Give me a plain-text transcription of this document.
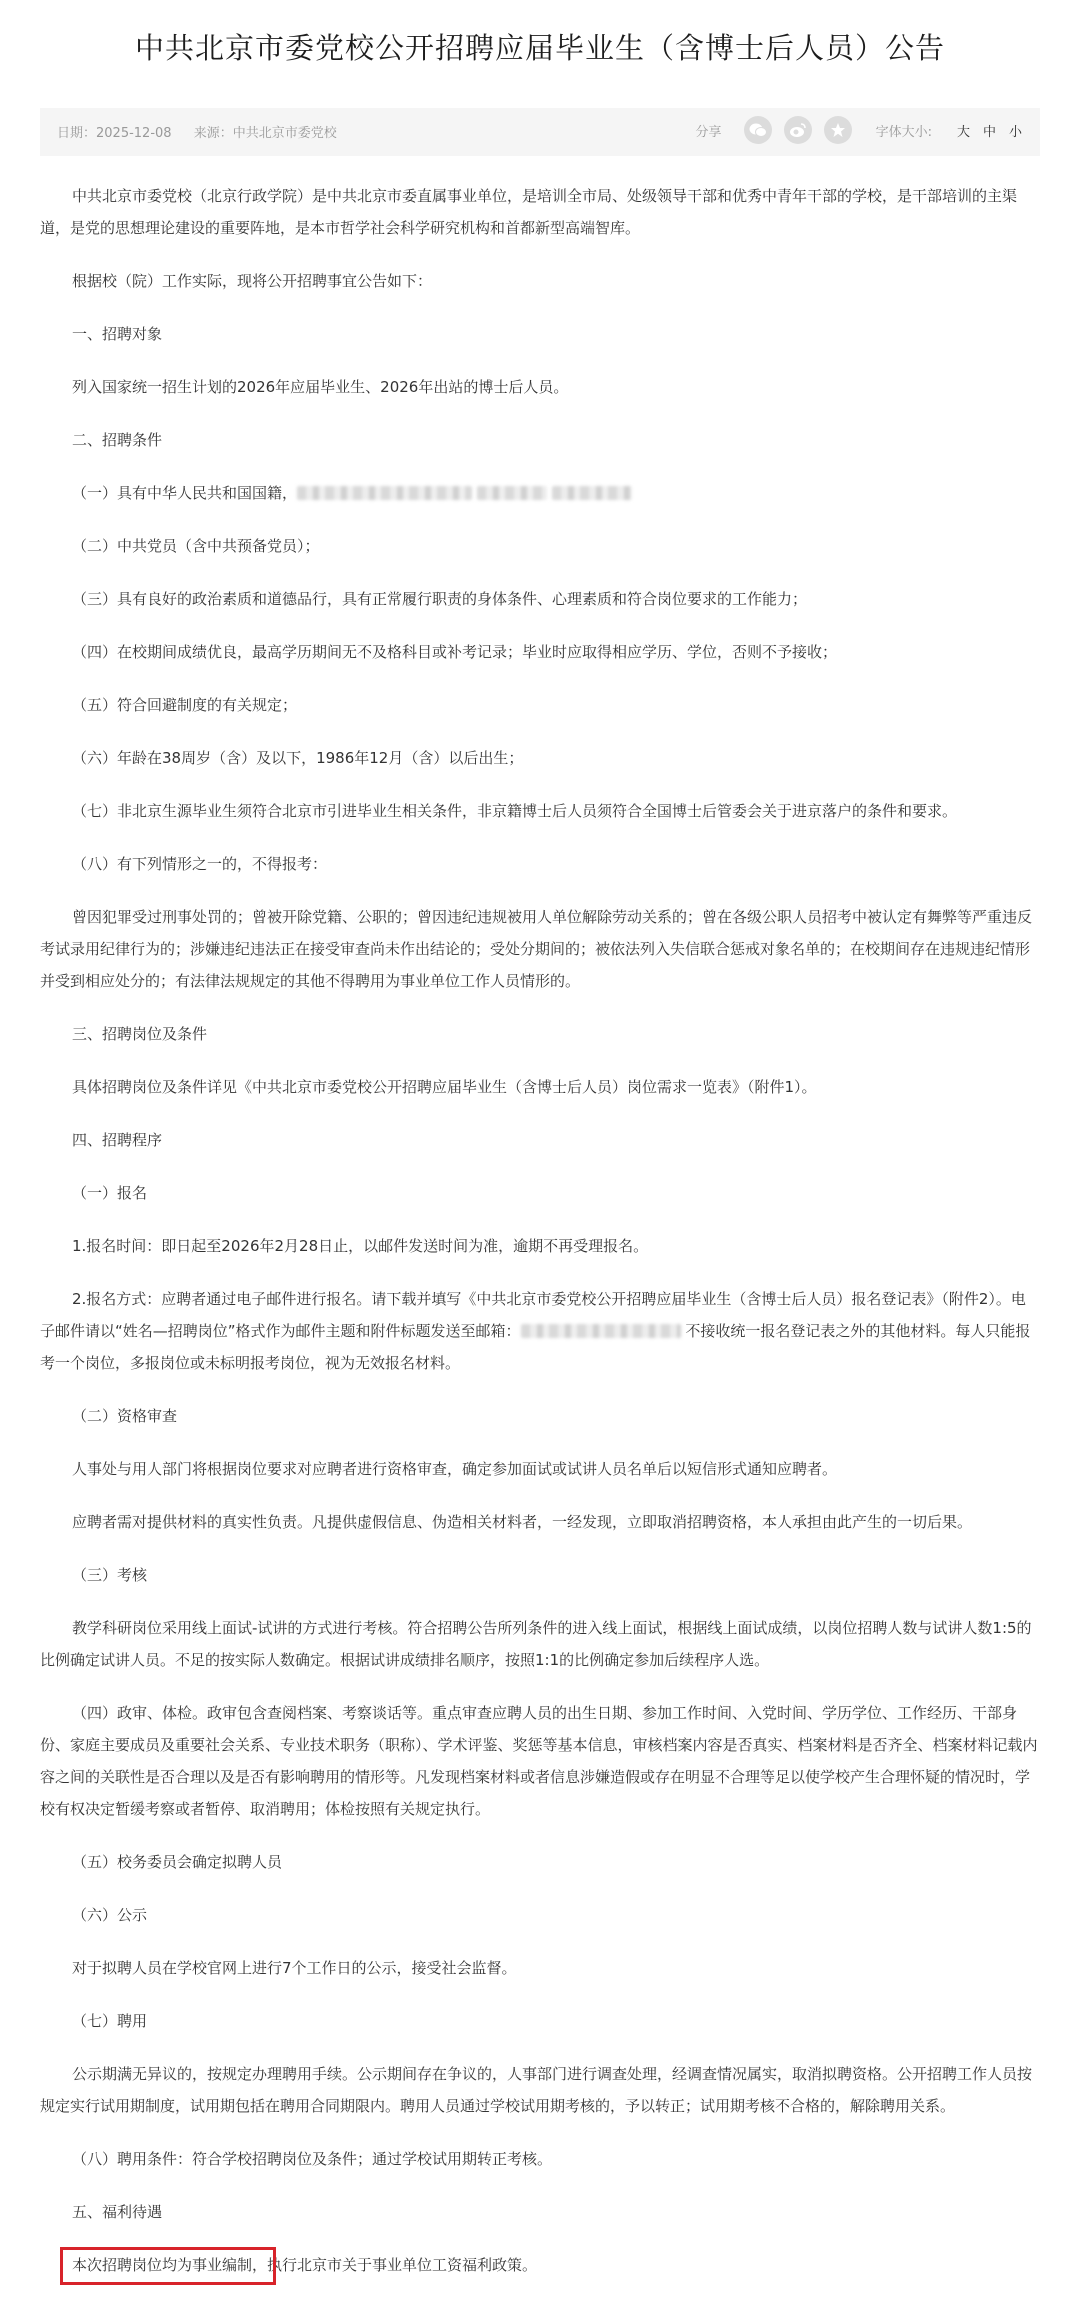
中共北京市委党校公开招聘应届毕业生（含博士后人员）公告
日期：2025-12-08 来源：中共北京市委党校	分享	字体大小: 大 中 小

中共北京市委党校（北京行政学院）是中共北京市委直属事业单位，是培训全市局、处级领导干部和优秀中青年干部的学校，是干部培训的主渠道，是党的思想理论建设的重要阵地，是本市哲学社会科学研究机构和首都新型高端智库。

根据校（院）工作实际，现将公开招聘事宜公告如下：

一、招聘对象

列入国家统一招生计划的2026年应届毕业生、2026年出站的博士后人员。

二、招聘条件

（一）具有中华人民共和国国籍，

（二）中共党员（含中共预备党员）；

（三）具有良好的政治素质和道德品行，具有正常履行职责的身体条件、心理素质和符合岗位要求的工作能力；

（四）在校期间成绩优良，最高学历期间无不及格科目或补考记录；毕业时应取得相应学历、学位，否则不予接收；

（五）符合回避制度的有关规定；

（六）年龄在38周岁（含）及以下，1986年12月（含）以后出生；

（七）非北京生源毕业生须符合北京市引进毕业生相关条件，非京籍博士后人员须符合全国博士后管委会关于进京落户的条件和要求。

（八）有下列情形之一的，不得报考：

曾因犯罪受过刑事处罚的；曾被开除党籍、公职的；曾因违纪违规被用人单位解除劳动关系的；曾在各级公职人员招考中被认定有舞弊等严重违反考试录用纪律行为的；涉嫌违纪违法正在接受审查尚未作出结论的；受处分期间的；被依法列入失信联合惩戒对象名单的；在校期间存在违规违纪情形并受到相应处分的；有法律法规规定的其他不得聘用为事业单位工作人员情形的。

三、招聘岗位及条件

具体招聘岗位及条件详见《中共北京市委党校公开招聘应届毕业生（含博士后人员）岗位需求一览表》（附件1）。

四、招聘程序

（一）报名

1.报名时间：即日起至2026年2月28日止，以邮件发送时间为准，逾期不再受理报名。

2.报名方式：应聘者通过电子邮件进行报名。请下载并填写《中共北京市委党校公开招聘应届毕业生（含博士后人员）报名登记表》（附件2）。电子邮件请以“姓名—招聘岗位”格式作为邮件主题和附件标题发送至邮箱：	不接收统一报名登记表之外的其他材料。每人只能报考一个岗位，多报岗位或未标明报考岗位，视为无效报名材料。

（二）资格审查

人事处与用人部门将根据岗位要求对应聘者进行资格审查，确定参加面试或试讲人员名单后以短信形式通知应聘者。

应聘者需对提供材料的真实性负责。凡提供虚假信息、伪造相关材料者，一经发现，立即取消招聘资格，本人承担由此产生的一切后果。

（三）考核

教学科研岗位采用线上面试-试讲的方式进行考核。符合招聘公告所列条件的进入线上面试，根据线上面试成绩，以岗位招聘人数与试讲人数1:5的比例确定试讲人员。不足的按实际人数确定。根据试讲成绩排名顺序，按照1:1的比例确定参加后续程序人选。

（四）政审、体检。政审包含查阅档案、考察谈话等。重点审查应聘人员的出生日期、参加工作时间、入党时间、学历学位、工作经历、干部身份、家庭主要成员及重要社会关系、专业技术职务（职称）、学术评鉴、奖惩等基本信息，审核档案内容是否真实、档案材料是否齐全、档案材料记载内容之间的关联性是否合理以及是否有影响聘用的情形等。凡发现档案材料或者信息涉嫌造假或存在明显不合理等足以使学校产生合理怀疑的情况时，学校有权决定暂缓考察或者暂停、取消聘用；体检按照有关规定执行。

（五）校务委员会确定拟聘人员

（六）公示

对于拟聘人员在学校官网上进行7个工作日的公示，接受社会监督。

（七）聘用

公示期满无异议的，按规定办理聘用手续。公示期间存在争议的，人事部门进行调查处理，经调查情况属实，取消拟聘资格。公开招聘工作人员按规定实行试用期制度，试用期包括在聘用合同期限内。聘用人员通过学校试用期考核的，予以转正；试用期考核不合格的，解除聘用关系。

（八）聘用条件：符合学校招聘岗位及条件；通过学校试用期转正考核。

五、福利待遇

本次招聘岗位均为事业编制，执行北京市关于事业单位工资福利政策。
